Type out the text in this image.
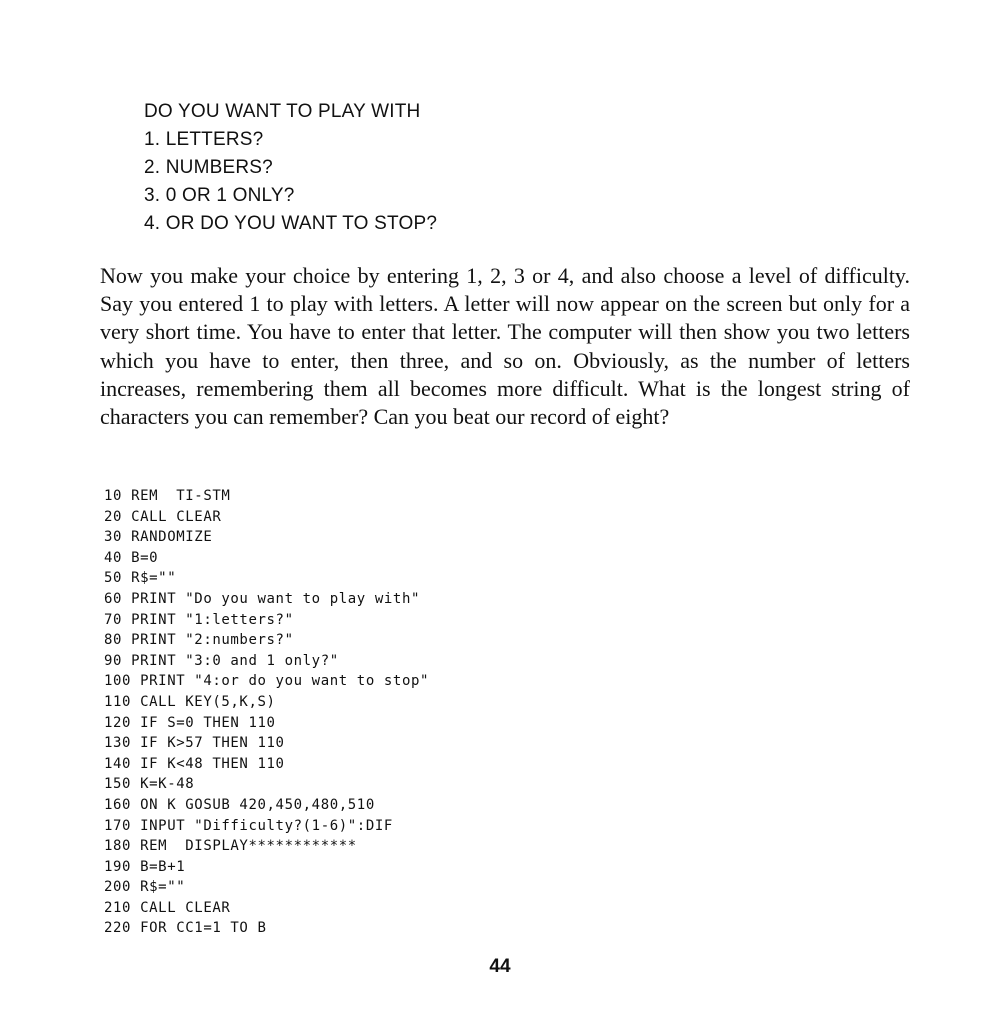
DO YOU WANT TO PLAY WITH
1. LETTERS?
2. NUMBERS?
3. 0 OR 1 ONLY?
4. OR DO YOU WANT TO STOP?

Now you make your choice by entering 1, 2, 3 or 4, and also choose a level of difficulty. Say you entered 1 to play with letters. A letter will now appear on the screen but only for a very short time. You have to enter that letter. The computer will then show you two letters which you have to enter, then three, and so on. Obviously, as the number of letters increases, remembering them all becomes more difficult. What is the longest string of characters you can remember? Can you beat our record of eight?

10 REM  TI-STM
20 CALL CLEAR
30 RANDOMIZE
40 B=0
50 R$=""
60 PRINT "Do you want to play with"
70 PRINT "1:letters?"
80 PRINT "2:numbers?"
90 PRINT "3:0 and 1 only?"
100 PRINT "4:or do you want to stop"
110 CALL KEY(5,K,S)
120 IF S=0 THEN 110
130 IF K>57 THEN 110
140 IF K<48 THEN 110
150 K=K-48
160 ON K GOSUB 420,450,480,510
170 INPUT "Difficulty?(1-6)":DIF
180 REM  DISPLAY************
190 B=B+1
200 R$=""
210 CALL CLEAR
220 FOR CC1=1 TO B
44
